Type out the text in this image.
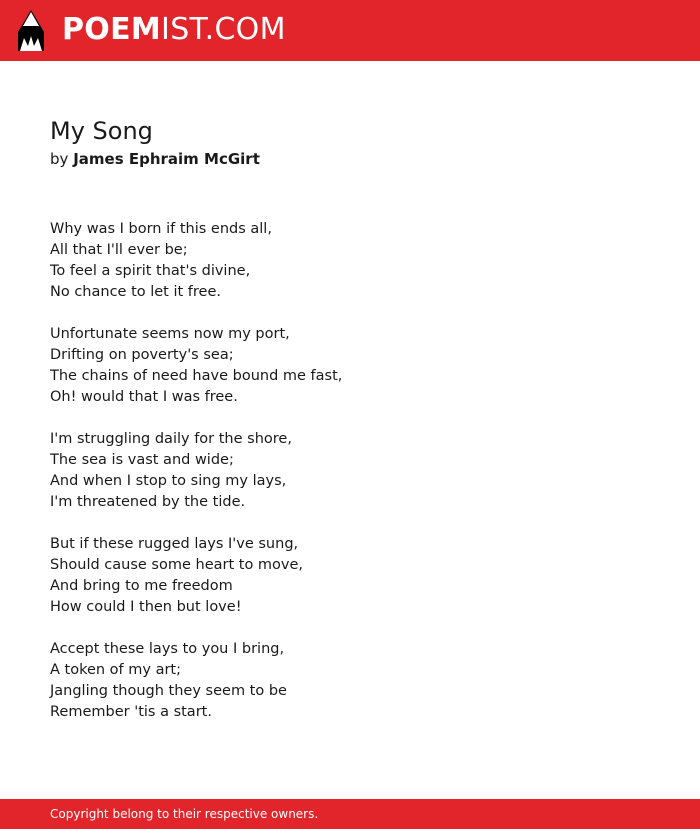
POEMIST.COM
My Song
by James Ephraim McGirt
Why was I born if this ends all,
All that I'll ever be;
To feel a spirit that's divine,
No chance to let it free.
Unfortunate seems now my port,
Drifting on poverty's sea;
The chains of need have bound me fast,
Oh! would that I was free.
I'm struggling daily for the shore,
The sea is vast and wide;
And when I stop to sing my lays,
I'm threatened by the tide.
But if these rugged lays I've sung,
Should cause some heart to move,
And bring to me freedom
How could I then but love!
Accept these lays to you I bring,
A token of my art;
Jangling though they seem to be
Remember 'tis a start.
Copyright belong to their respective owners.
